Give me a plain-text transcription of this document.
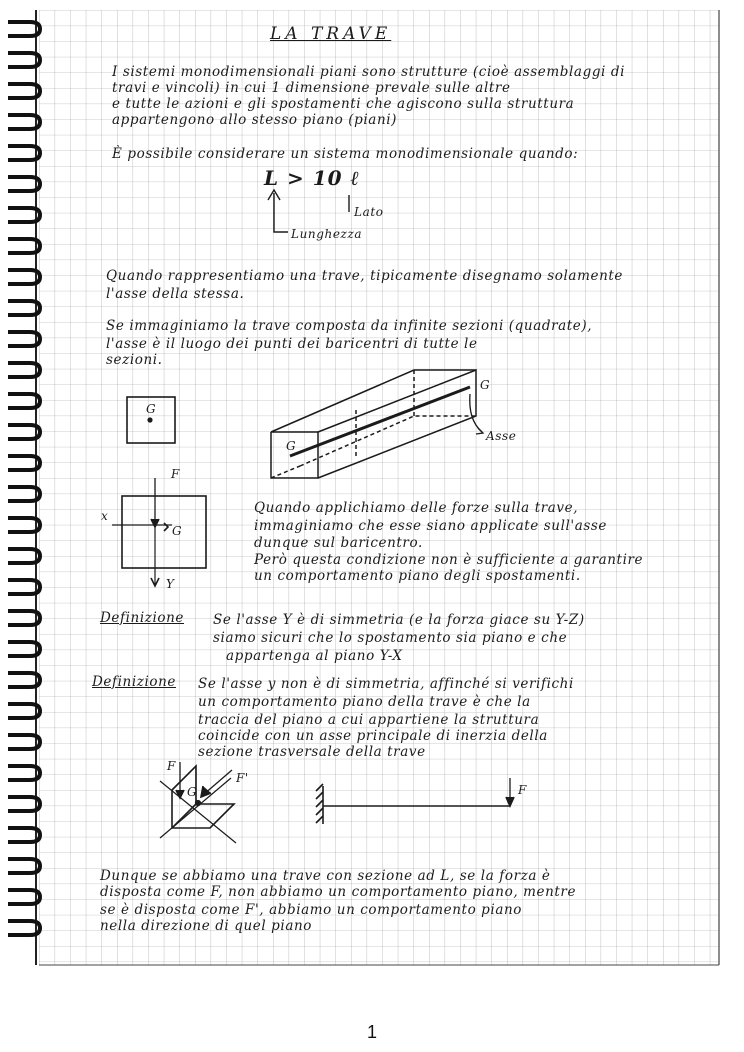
LA TRAVE
I sistemi monodimensionali piani sono strutture (cioè assemblaggi di
travi e vincoli) in cui 1 dimensione prevale sulle altre
e tutte le azioni e gli spostamenti che agiscono sulla struttura
appartengono allo stesso piano (piani)
È possibile considerare un sistema monodimensionale quando:
L > 10 ℓ
Lato
Lunghezza
Quando rappresentiamo una trave, tipicamente disegnamo solamente
l'asse della stessa.
Se immaginiamo la trave composta da infinite sezioni (quadrate),
l'asse è il luogo dei punti dei baricentri di tutte le
sezioni.
G
G
G
Asse
F
x
G
Y
Quando applichiamo delle forze sulla trave,
immaginiamo che esse siano applicate sull'asse
dunque sul baricentro.
Però questa condizione non è sufficiente a garantire
un comportamento piano degli spostamenti.
Definizione Se l'asse Y è di simmetria (e la forza giace su Y-Z)
siamo sicuri che lo spostamento sia piano e che
appartenga al piano Y-X
Definizione Se l'asse y non è di simmetria, affinché si verifichi
un comportamento piano della trave è che la
traccia del piano a cui appartiene la struttura
coincide con un asse principale di inerzia della
sezione trasversale della trave
F
F'
G	F
Dunque se abbiamo una trave con sezione ad L, se la forza è
disposta come F, non abbiamo un comportamento piano, mentre
se è disposta come F', abbiamo un comportamento piano
nella direzione di quel piano
1
